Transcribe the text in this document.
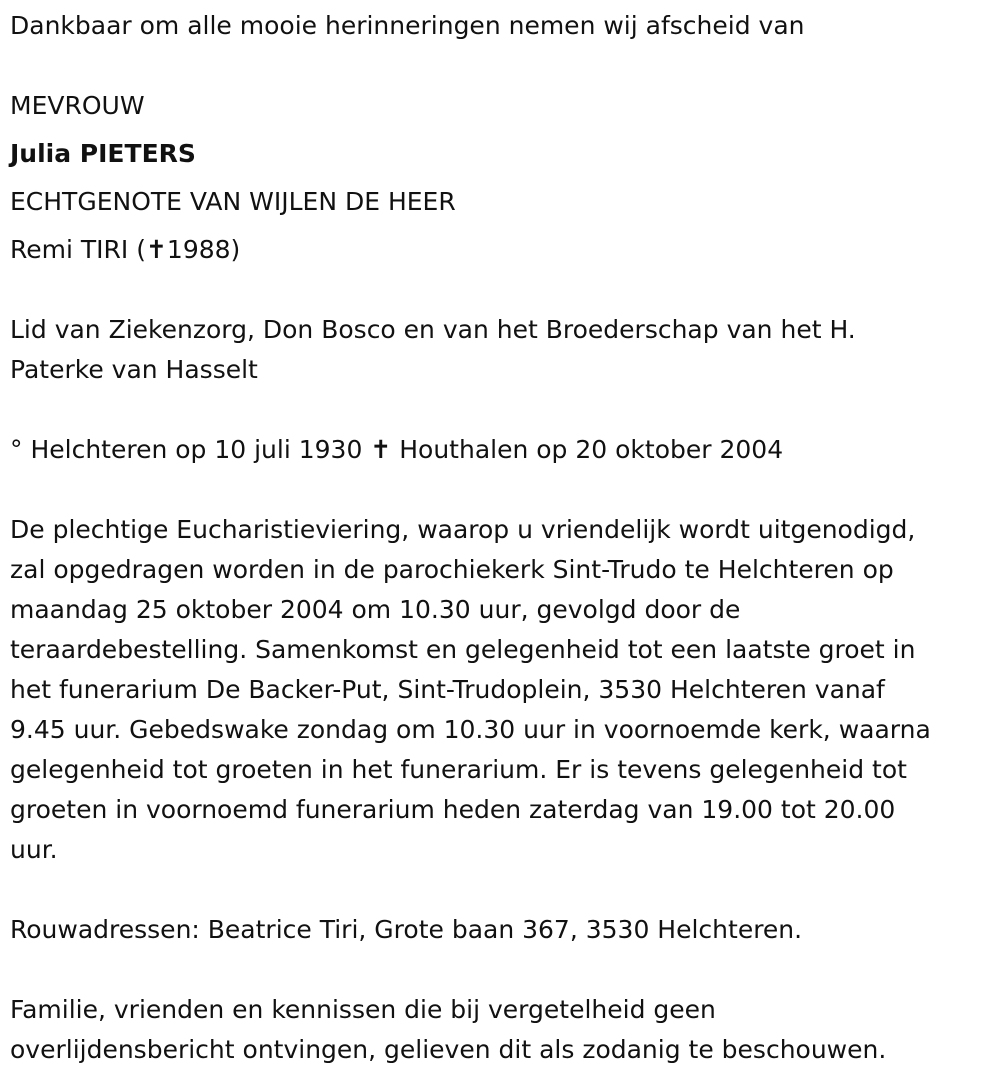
Dankbaar om alle mooie herinneringen nemen wij afscheid van

MEVROUW

Julia PIETERS

ECHTGENOTE VAN WIJLEN DE HEER

Remi TIRI (✝1988)

Lid van Ziekenzorg, Don Bosco en van het Broederschap van het H.

Paterke van Hasselt

° Helchteren op 10 juli 1930 ✝ Houthalen op 20 oktober 2004

De plechtige Eucharistieviering, waarop u vriendelijk wordt uitgenodigd,

zal opgedragen worden in de parochiekerk Sint-Trudo te Helchteren op

maandag 25 oktober 2004 om 10.30 uur, gevolgd door de

teraardebestelling. Samenkomst en gelegenheid tot een laatste groet in

het funerarium De Backer-Put, Sint-Trudoplein, 3530 Helchteren vanaf

9.45 uur. Gebedswake zondag om 10.30 uur in voornoemde kerk, waarna

gelegenheid tot groeten in het funerarium. Er is tevens gelegenheid tot

groeten in voornoemd funerarium heden zaterdag van 19.00 tot 20.00

uur.

Rouwadressen: Beatrice Tiri, Grote baan 367, 3530 Helchteren.

Familie, vrienden en kennissen die bij vergetelheid geen

overlijdensbericht ontvingen, gelieven dit als zodanig te beschouwen.
